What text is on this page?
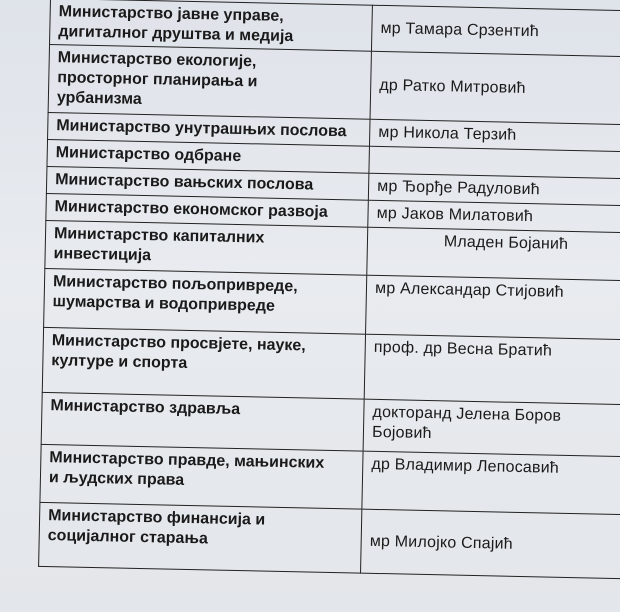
Министарство јавне управе,
дигиталног друштва и медија	мр Тамара Срзентић

Министарство екологије,
просторног планирања и
урбанизма	др Ратко Митровић

Министарство унутрашњих послова	мр Никола Терзић

Министарство одбране	

Министарство вањских послова	мр Ђорђе Радуловић

Министарство економског развоја	мр Јаков Милатовић

Министарство капиталних
инвестиција	Младен Бојанић

Министарство пољопривреде,
шумарства и водопривреде	мр Александар Стијовић

Министарство просвјете, науке,
културе и спорта	проф. др Весна Братић

Министарство здравља	докторанд Јелена Боров
Бојовић

Министарство правде, мањинских
и људских права	др Владимир Лепосавић

Министарство финансија и
социјалног старања	мр Милојко Спајић
